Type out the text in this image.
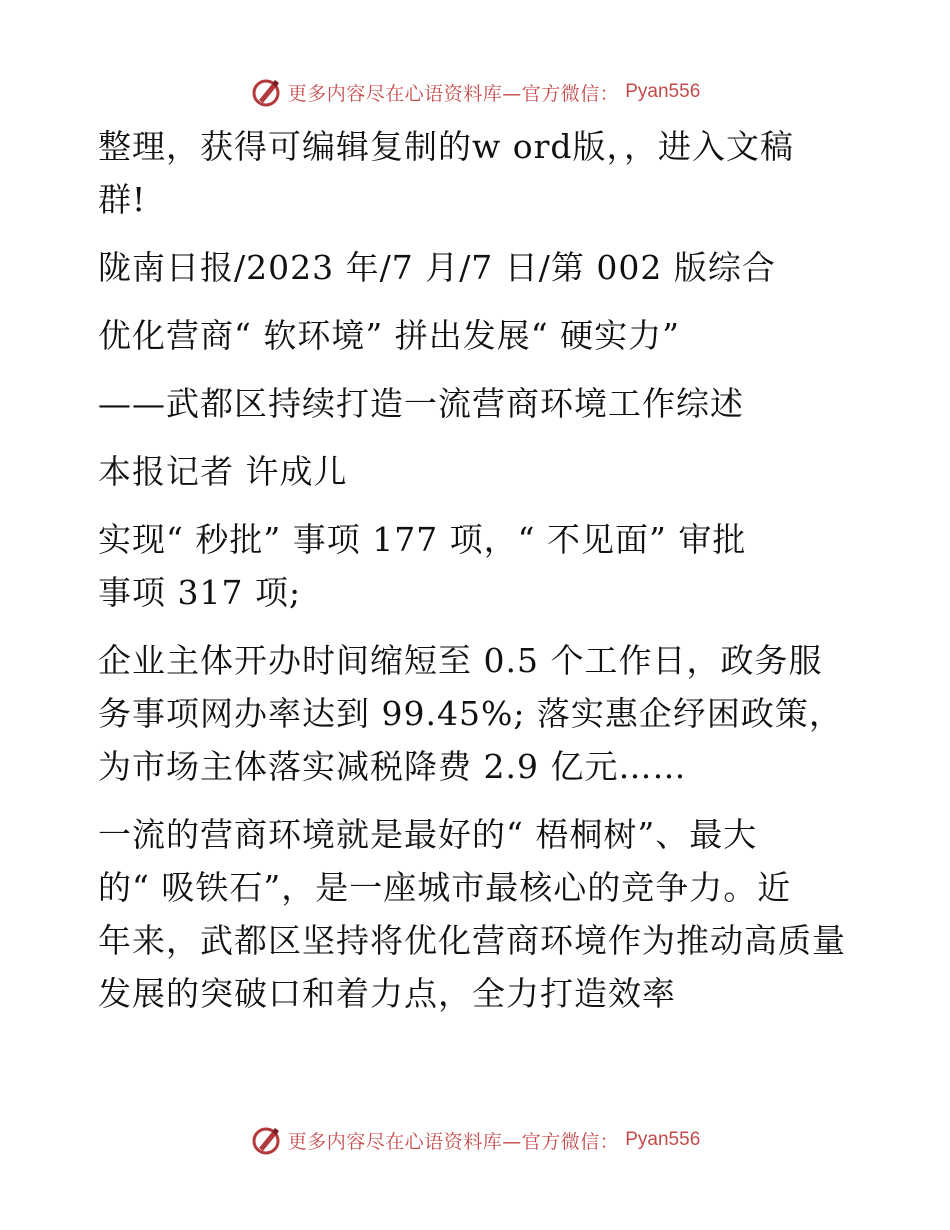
更多内容尽在心语资料库—官方微信： Pyan556

整理，获得可编辑复制的w ord版，，进入文稿
群!

陇南日报/2023 年/7 月/7 日/第 002 版综合

优化营商“ 软环境” 拼出发展“ 硬实力”

——武都区持续打造一流营商环境工作综述

本报记者 许成儿

实现“ 秒批” 事项 177 项，“ 不见面” 审批
事项 317 项;

企业主体开办时间缩短至 0.5 个工作日，政务服
务事项网办率达到 99.45%; 落实惠企纾困政策，
为市场主体落实减税降费 2.9 亿元……

一流的营商环境就是最好的“ 梧桐树”、最大
的“ 吸铁石”，是一座城市最核心的竞争力。近
年来，武都区坚持将优化营商环境作为推动高质量
发展的突破口和着力点，全力打造效率

更多内容尽在心语资料库—官方微信： Pyan556
